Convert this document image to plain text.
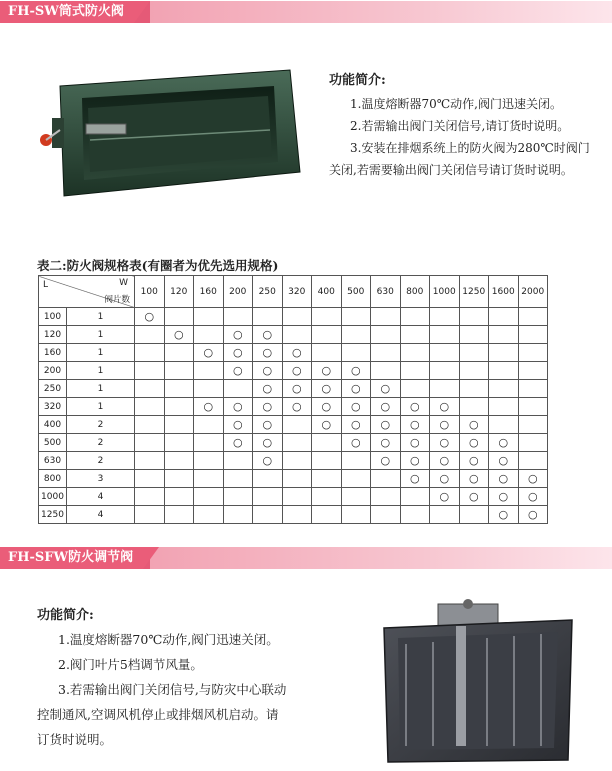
FH-SW筒式防火阀
功能简介:
1.温度熔断器70℃动作,阀门迅速关闭。
2.若需输出阀门关闭信号,请订货时说明。
3.安装在排烟系统上的防火阀为280℃时阀门
关闭,若需要输出阀门关闭信号请订货时说明。
表二:防火阀规格表(有圈者为优先选用规格)
L W
阀片数		100	120	160	200	250	320	400	500	630	800	1000	1250	1600	2000
100	1	○													
120	1		○		○	○									
160	1			○	○	○	○								
200	1				○	○	○	○	○						
250	1					○	○	○	○	○					
320	1			○	○	○	○	○	○	○	○	○			
400	2				○	○		○	○	○	○	○	○		
500	2				○	○			○	○	○	○	○	○	
630	2					○				○	○	○	○	○	
800	3										○	○	○	○	○
1000	4											○	○	○	○
1250	4													○	○
FH-SFW防火调节阀
功能简介:
1.温度熔断器70℃动作,阀门迅速关闭。
2.阀门叶片5档调节风量。
3.若需输出阀门关闭信号,与防灾中心联动
控制通风,空调风机停止或排烟风机启动。请
订货时说明。
